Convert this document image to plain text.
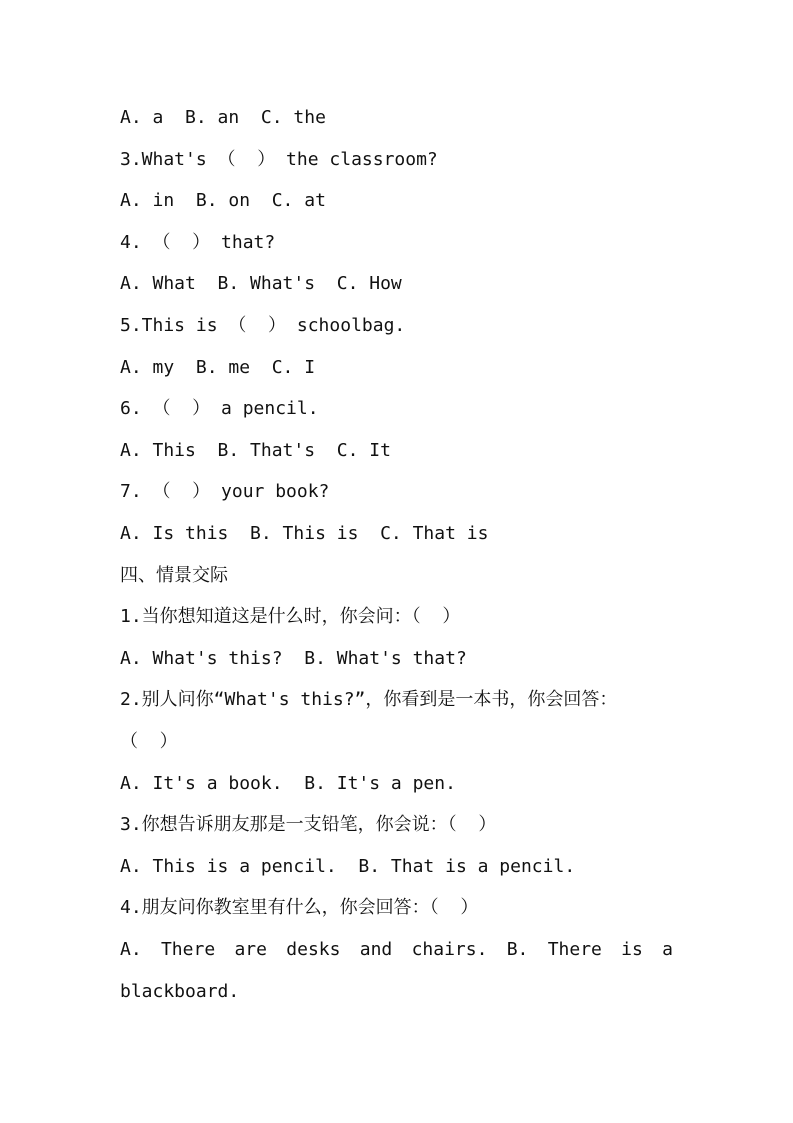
A. a  B. an  C. the
3.What's （  ） the classroom?
A. in  B. on  C. at
4. （  ） that?
A. What  B. What's  C. How
5.This is （  ） schoolbag.
A. my  B. me  C. I
6. （  ） a pencil.
A. This  B. That's  C. It
7. （  ） your book?
A. Is this  B. This is  C. That is
四、情景交际
1.当你想知道这是什么时，你会问：（  ）
A. What's this?  B. What's that?
2.别人问你“What's this?”，你看到是一本书，你会回答：
（  ）
A. It's a book.  B. It's a pen.
3.你想告诉朋友那是一支铅笔，你会说：（  ）
A. This is a pencil.  B. That is a pencil.
4.朋友问你教室里有什么，你会回答：（  ）
A. There are desks and chairs. B. There is a
blackboard.
